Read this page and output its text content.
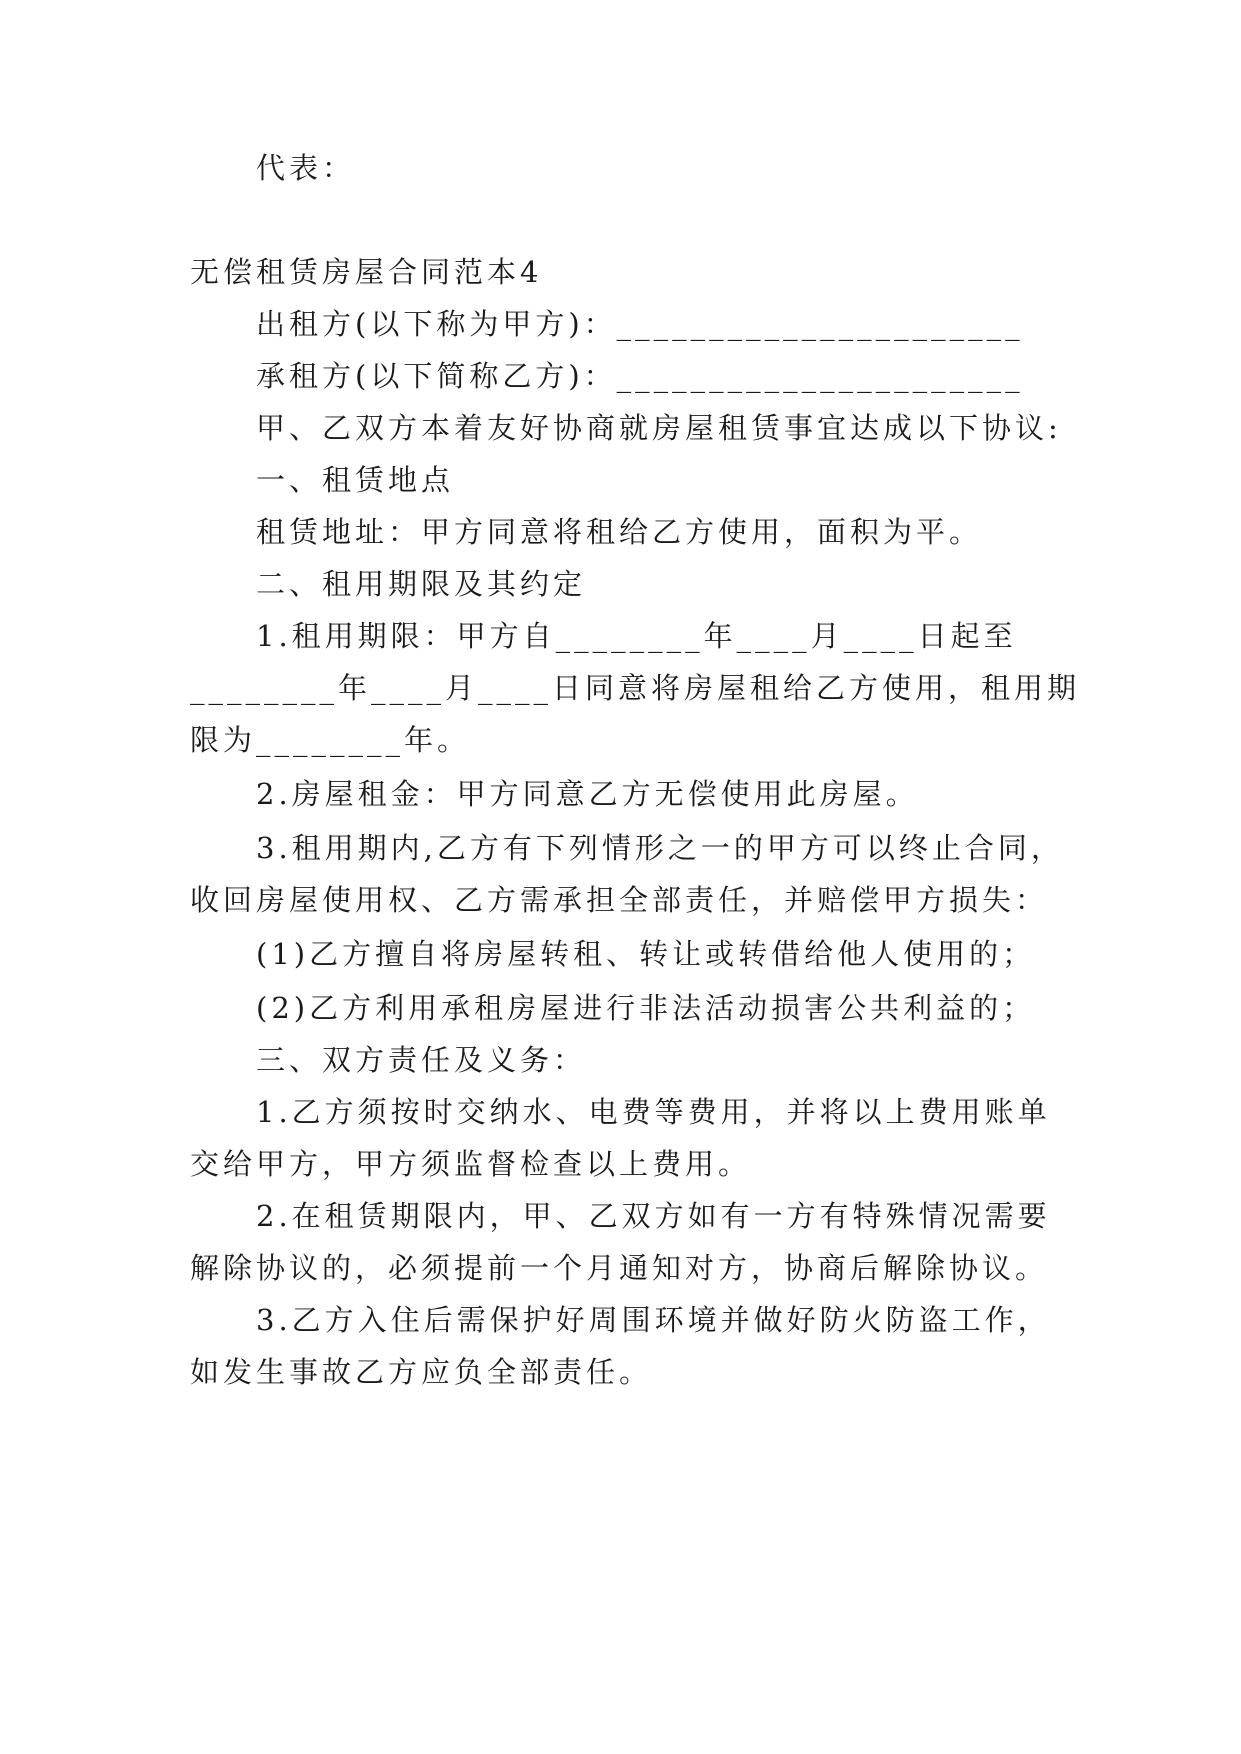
代表：
无偿租赁房屋合同范本4
出租方(以下称为甲方)：______________________
承租方(以下简称乙方)：______________________
甲、乙双方本着友好协商就房屋租赁事宜达成以下协议:
一、租赁地点
租赁地址：甲方同意将租给乙方使用，面积为平。
二、租用期限及其约定
1.租用期限：甲方自________年____月____日起至
________年____月____日同意将房屋租给乙方使用，租用期
限为________年。
2.房屋租金：甲方同意乙方无偿使用此房屋。
3.租用期内,乙方有下列情形之一的甲方可以终止合同，
收回房屋使用权、乙方需承担全部责任，并赔偿甲方损失：
(1)乙方擅自将房屋转租、转让或转借给他人使用的；
(2)乙方利用承租房屋进行非法活动损害公共利益的；
三、双方责任及义务：
1.乙方须按时交纳水、电费等费用，并将以上费用账单
交给甲方，甲方须监督检查以上费用。
2.在租赁期限内，甲、乙双方如有一方有特殊情况需要
解除协议的，必须提前一个月通知对方，协商后解除协议。
3.乙方入住后需保护好周围环境并做好防火防盗工作，
如发生事故乙方应负全部责任。
